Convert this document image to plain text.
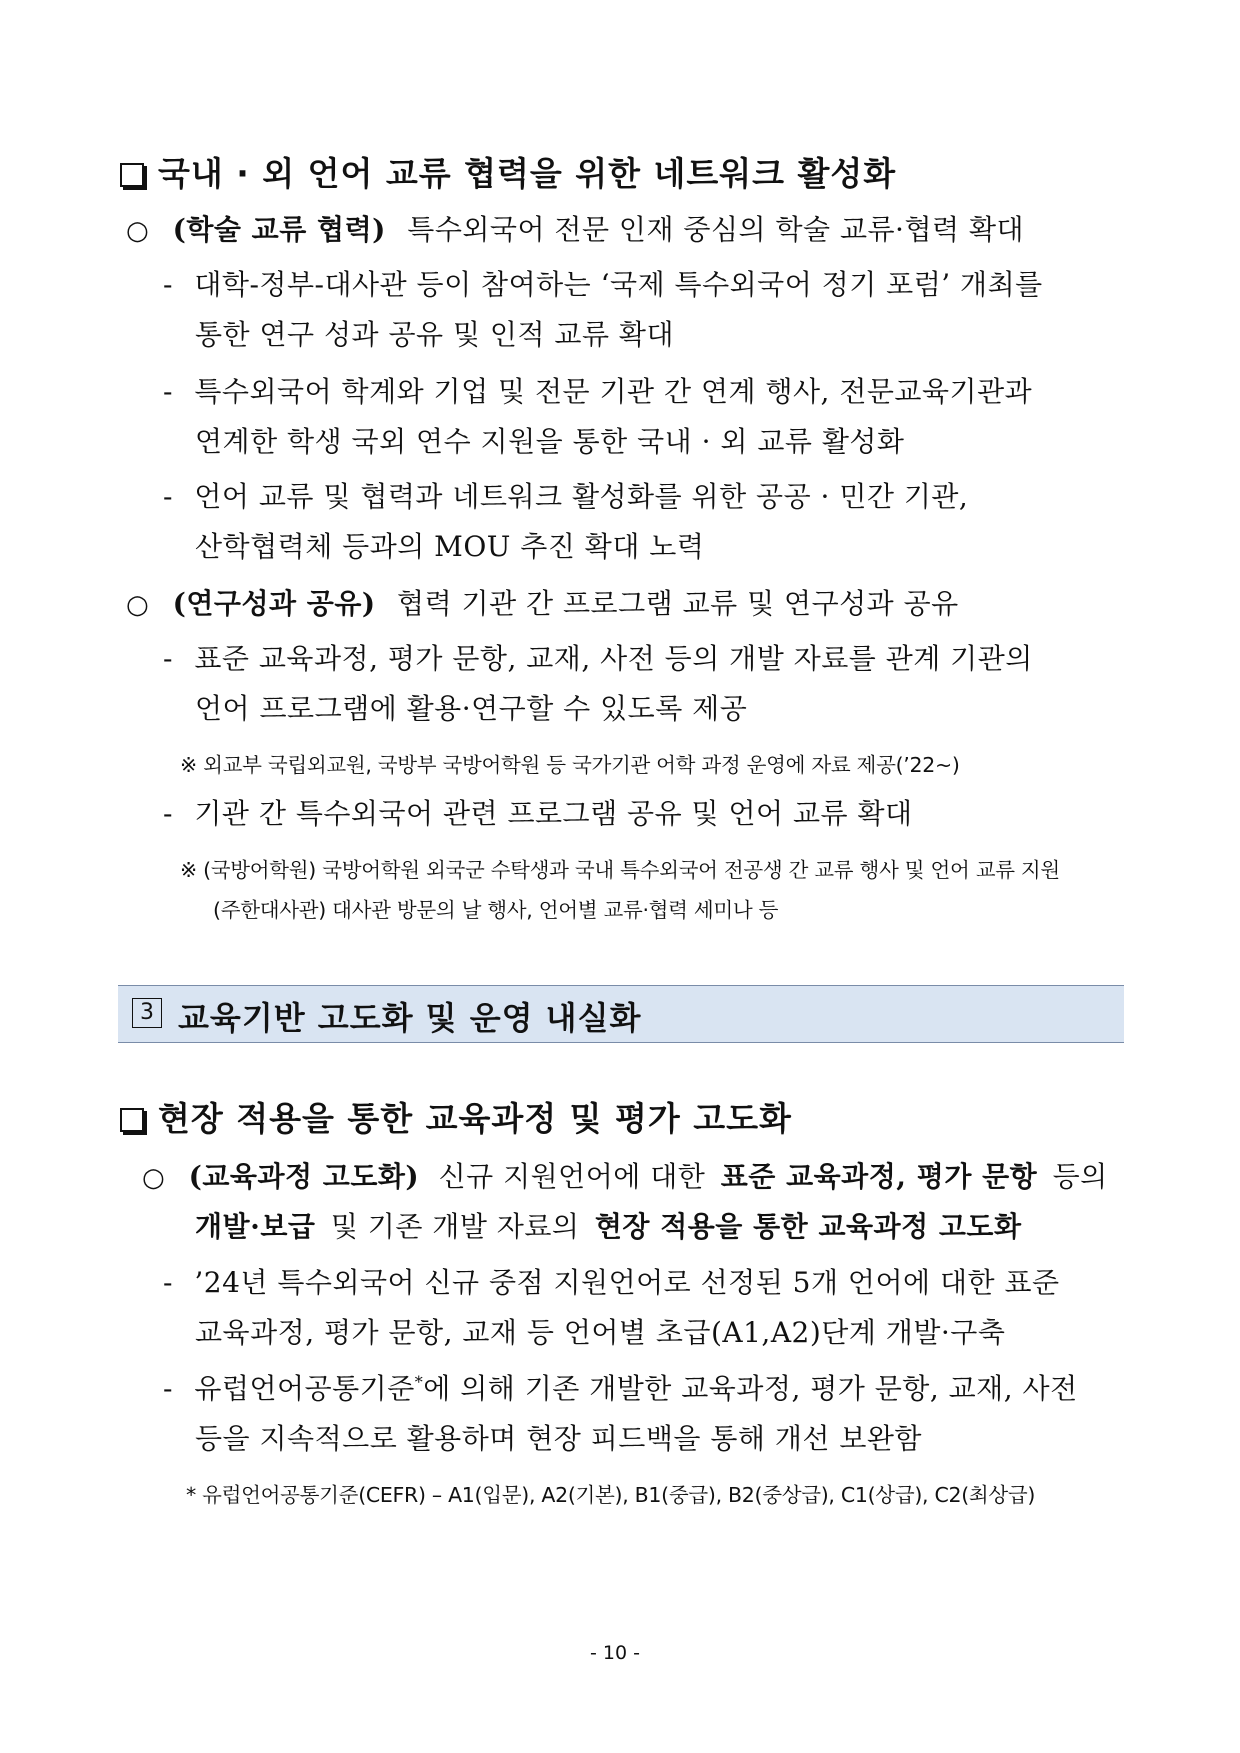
국내 · 외 언어 교류 협력을 위한 네트워크 활성화
○ (학술 교류 협력) 특수외국어 전문 인재 중심의 학술 교류·협력 확대
- 대학-정부-대사관 등이 참여하는 ‘국제 특수외국어 정기 포럼’ 개최를
통한 연구 성과 공유 및 인적 교류 확대
- 특수외국어 학계와 기업 및 전문 기관 간 연계 행사, 전문교육기관과
연계한 학생 국외 연수 지원을 통한 국내 · 외 교류 활성화
- 언어 교류 및 협력과 네트워크 활성화를 위한 공공 · 민간 기관,
산학협력체 등과의 MOU 추진 확대 노력
○ (연구성과 공유) 협력 기관 간 프로그램 교류 및 연구성과 공유
- 표준 교육과정, 평가 문항, 교재, 사전 등의 개발 자료를 관계 기관의
언어 프로그램에 활용·연구할 수 있도록 제공
※ 외교부 국립외교원, 국방부 국방어학원 등 국가기관 어학 과정 운영에 자료 제공(’22~)
- 기관 간 특수외국어 관련 프로그램 공유 및 언어 교류 확대
※ (국방어학원) 국방어학원 외국군 수탁생과 국내 특수외국어 전공생 간 교류 행사 및 언어 교류 지원
(주한대사관) 대사관 방문의 날 행사, 언어별 교류·협력 세미나 등
3 교육기반 고도화 및 운영 내실화
현장 적용을 통한 교육과정 및 평가 고도화
○ (교육과정 고도화) 신규 지원언어에 대한 표준 교육과정, 평가 문항 등의
개발·보급 및 기존 개발 자료의 현장 적용을 통한 교육과정 고도화
- ’24년 특수외국어 신규 중점 지원언어로 선정된 5개 언어에 대한 표준
교육과정, 평가 문항, 교재 등 언어별 초급(A1,A2)단계 개발·구축
- 유럽언어공통기준*에 의해 기존 개발한 교육과정, 평가 문항, 교재, 사전
등을 지속적으로 활용하며 현장 피드백을 통해 개선 보완함
* 유럽언어공통기준(CEFR) – A1(입문), A2(기본), B1(중급), B2(중상급), C1(상급), C2(최상급)
- 10 -
